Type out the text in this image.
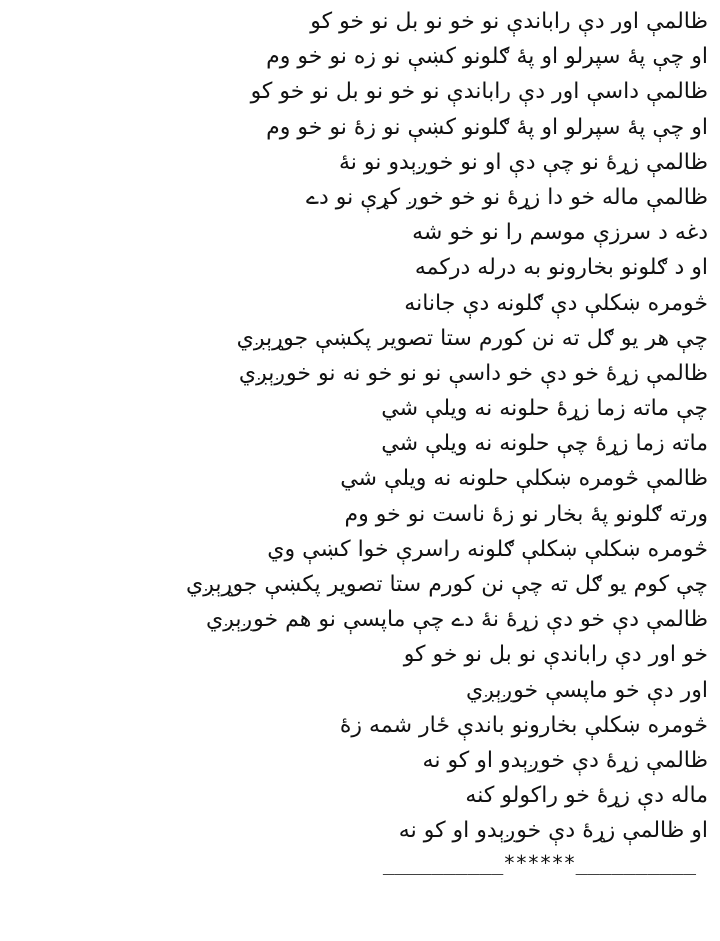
ظالمې اور دې راباندې نو خو نو بل نو خو کو
او چې پۀ سپرلو او پۀ ګلونو کښې نو زه نو خو وم
ظالمې داسې اور دې راباندې نو خو نو بل نو خو کو
او چې پۀ سپرلو او پۀ ګلونو کښې نو زۀ نو خو وم
ظالمې زړۀ نو چې دې او نو خوږېدو نو نۀ
ظالمې ماله خو دا زړۀ نو خو خوږ کړې نو دے
دغه د سرزې موسم را نو خو شه
او د ګلونو بخارونو به درله درکمه
څومره ښکلې دې ګلونه دې جانانه
چې هر يو ګل ته نن کورم ستا تصوير پکښې جوړېږي
ظالمې زړۀ خو دې خو داسې نو نو خو نه نو خوږېږي
چې ماته زما زړۀ حلونه نه ويلې شي
ماته زما زړۀ چې حلونه نه ويلې شي
ظالمې څومره ښکلې حلونه نه ويلې شي
ورته ګلونو پۀ بخار نو زۀ ناست نو خو وم
څومره ښکلې ښکلې ګلونه راسرې خوا کښې وي
چې کوم يو ګل ته چې نن کورم ستا تصوير پکښې جوړېږي
ظالمې دې خو دې زړۀ نۀ دے چې ماپسې نو هم خوږېږي
خو اور دې راباندې نو بل نو خو کو
اور دې خو ماپسې خوږېږي
څومره ښکلې بخارونو باندې ځار شمه زۀ
ظالمې زړۀ دې خوږېدو او کو نه
ماله دې زړۀ خو راکولو کنه
او ظالمې زړۀ دې خوږېدو او کو نه
__________******__________
